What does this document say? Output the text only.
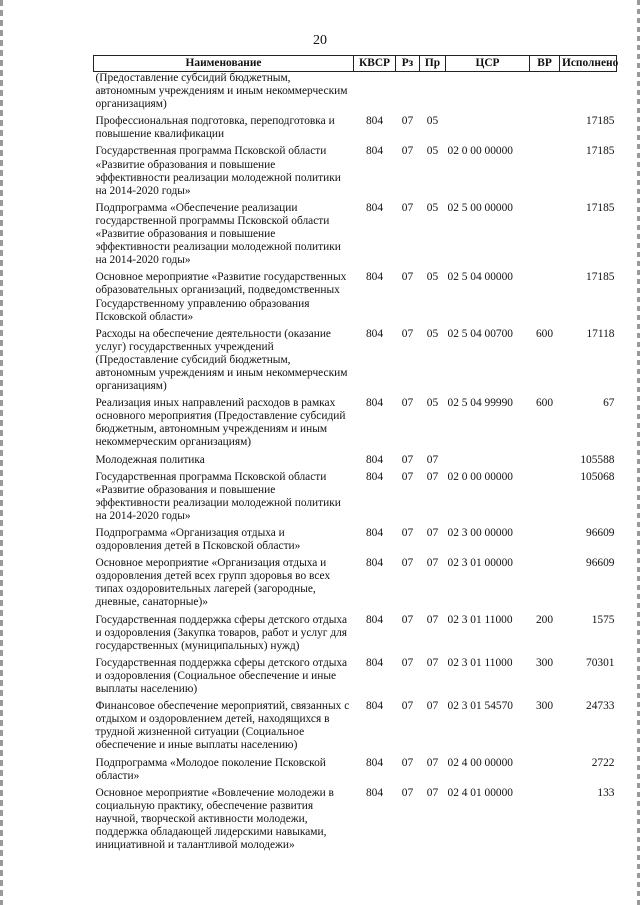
20
Наименование	КВСР	Рз	Пр	ЦСР	ВР	Исполнено
(Предоставление субсидий бюджетным, автономным учреждениям и иным некоммерческим организациям)						
Профессиональная подготовка, переподготовка и повышение квалификации	804	07	05			17185
Государственная программа Псковской области «Развитие образования и повышение эффективности реализации молодежной политики на 2014-2020 годы»	804	07	05	02 0 00 00000		17185
Подпрограмма «Обеспечение реализации государственной программы Псковской области «Развитие образования и повышение эффективности реализации молодежной политики на 2014-2020 годы»	804	07	05	02 5 00 00000		17185
Основное мероприятие «Развитие государственных образовательных организаций, подведомственных Государственному управлению образования Псковской области»	804	07	05	02 5 04 00000		17185
Расходы на обеспечение деятельности (оказание услуг) государственных учреждений (Предоставление субсидий бюджетным, автономным учреждениям и иным некоммерческим организациям)	804	07	05	02 5 04 00700	600	17118
Реализация иных направлений расходов в рамках основного мероприятия (Предоставление субсидий бюджетным, автономным учреждениям и иным некоммерческим организациям)	804	07	05	02 5 04 99990	600	67
Молодежная политика	804	07	07			105588
Государственная программа Псковской области «Развитие образования и повышение эффективности реализации молодежной политики на 2014-2020 годы»	804	07	07	02 0 00 00000		105068
Подпрограмма «Организация отдыха и оздоровления детей в Псковской области»	804	07	07	02 3 00 00000		96609
Основное мероприятие «Организация отдыха и оздоровления детей всех групп здоровья во всех типах оздоровительных лагерей (загородные, дневные, санаторные)»	804	07	07	02 3 01 00000		96609
Государственная поддержка сферы детского отдыха и оздоровления (Закупка товаров, работ и услуг для государственных (муниципальных) нужд)	804	07	07	02 3 01 11000	200	1575
Государственная поддержка сферы детского отдыха и оздоровления (Социальное обеспечение и иные выплаты населению)	804	07	07	02 3 01 11000	300	70301
Финансовое обеспечение мероприятий, связанных с отдыхом и оздоровлением детей, находящихся в трудной жизненной ситуации (Социальное обеспечение и иные выплаты населению)	804	07	07	02 3 01 54570	300	24733
Подпрограмма «Молодое поколение Псковской области»	804	07	07	02 4 00 00000		2722
Основное мероприятие «Вовлечение молодежи в социальную практику, обеспечение развития научной, творческой активности молодежи, поддержка обладающей лидерскими навыками, инициативной и талантливой молодежи»	804	07	07	02 4 01 00000		133
